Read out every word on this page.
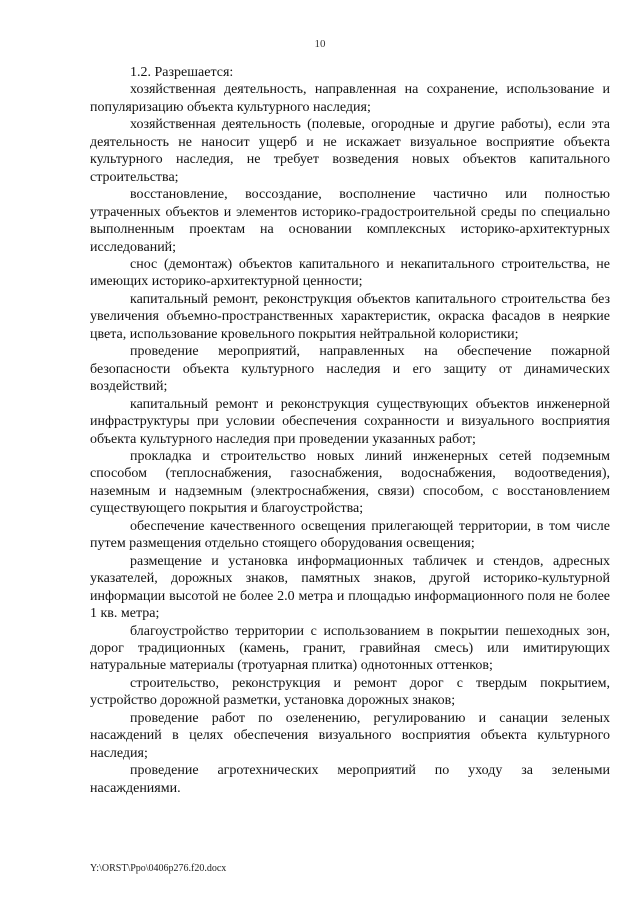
10

1.2. Разрешается:

хозяйственная деятельность, направленная на сохранение, использование и популяризацию объекта культурного наследия;

хозяйственная деятельность (полевые, огородные и другие работы), если эта деятельность не наносит ущерб и не искажает визуальное восприятие объекта культурного наследия, не требует возведения новых объектов капитального строительства;

восстановление, воссоздание, восполнение частично или полностью утраченных объектов и элементов историко-градостроительной среды по специально выполненным проектам на основании комплексных историко-архитектурных исследований;

снос (демонтаж) объектов капитального и некапитального строительства, не имеющих историко-архитектурной ценности;

капитальный ремонт, реконструкция объектов капитального строительства без увеличения объемно-пространственных характеристик, окраска фасадов в неяркие цвета, использование кровельного покрытия нейтральной колористики;

проведение мероприятий, направленных на обеспечение пожарной безопасности объекта культурного наследия и его защиту от динамических воздействий;

капитальный ремонт и реконструкция существующих объектов инженерной инфраструктуры при условии обеспечения сохранности и визуального восприятия объекта культурного наследия при проведении указанных работ;

прокладка и строительство новых линий инженерных сетей подземным способом (теплоснабжения, газоснабжения, водоснабжения, водоотведения), наземным и надземным (электроснабжения, связи) способом, с восстановлением существующего покрытия и благоустройства;

обеспечение качественного освещения прилегающей территории, в том числе путем размещения отдельно стоящего оборудования освещения;

размещение и установка информационных табличек и стендов, адресных указателей, дорожных знаков, памятных знаков, другой историко-культурной информации высотой не более 2.0 метра и площадью информационного поля не более 1 кв. метра;

благоустройство территории с использованием в покрытии пешеходных зон, дорог традиционных (камень, гранит, гравийная смесь) или имитирующих натуральные материалы (тротуарная плитка) однотонных оттенков;

строительство, реконструкция и ремонт дорог с твердым покрытием, устройство дорожной разметки, установка дорожных знаков;

проведение работ по озеленению, регулированию и санации зеленых насаждений в целях обеспечения визуального восприятия объекта культурного наследия;

проведение агротехнических мероприятий по уходу за зелеными насаждениями.

Y:\ORST\Ppo\0406p276.f20.docx
